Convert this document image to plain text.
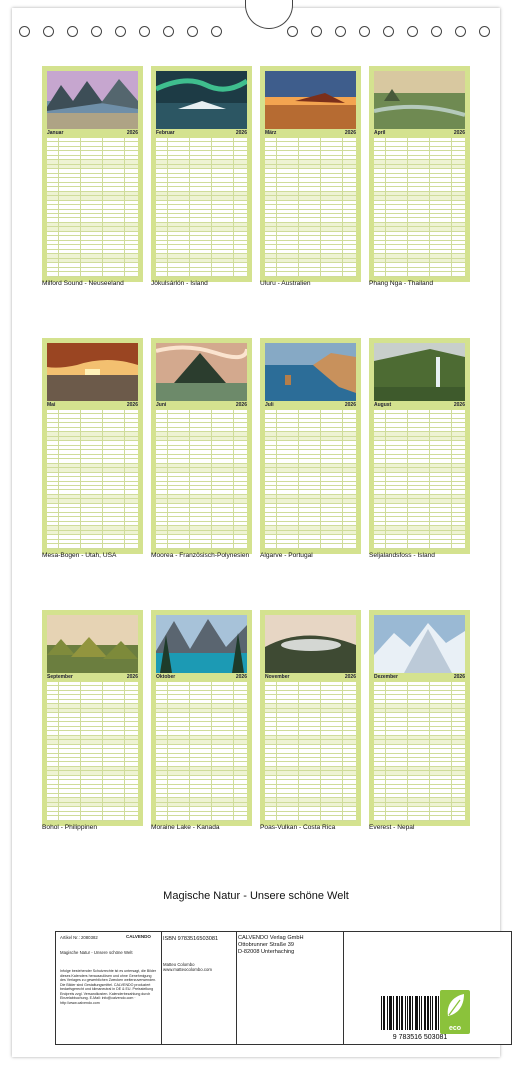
Januar	2026
Milford Sound - Neuseeland
Februar	2026
Jökulsárlón - Island
März	2026
Uluru - Australien
April	2026
Phang Nga - Thailand
Mai	2026
Mesa-Bogen - Utah, USA
Juni	2026
Moorea - Französisch-Polynesien
Juli	2026
Algarve - Portugal
August	2026
Seljalandsfoss - Island
September	2026
Bohol - Philippinen
Oktober	2026
Moraine Lake - Kanada
November	2026
Poas-Vulkan - Costa Rica
Dezember	2026
Everest - Nepal
Magische Natur - Unsere schöne Welt
Artikel Nr.: 2080382	CALVENDO
Magische Natur - Unsere schöne Welt
Infolge bestehender Schutzrechte ist es untersagt, die Bilder dieses Kalenders herauszulösen und ohne Genehmigung des Verlages zu gewerblichen Zwecken weiterzuverwenden. Die Bilder sind Gestaltungsmittel. CALVENDO produziert bedarfsgerecht und klimaneutral in DE & EU. Preisstellung Endpreis zzgl. Versandkosten. Kalenderbezahlung durch Einzelabbuchung. E-Mail: info@calvendo.com · http://www.calvendo.com
ISBN 9783516503081
Matteo Colombo
www.matteocolombo.com
CALVENDO Verlag GmbH
Ottobrunner Straße 39
D-82008 Unterhaching
9 783516 503081
eco
